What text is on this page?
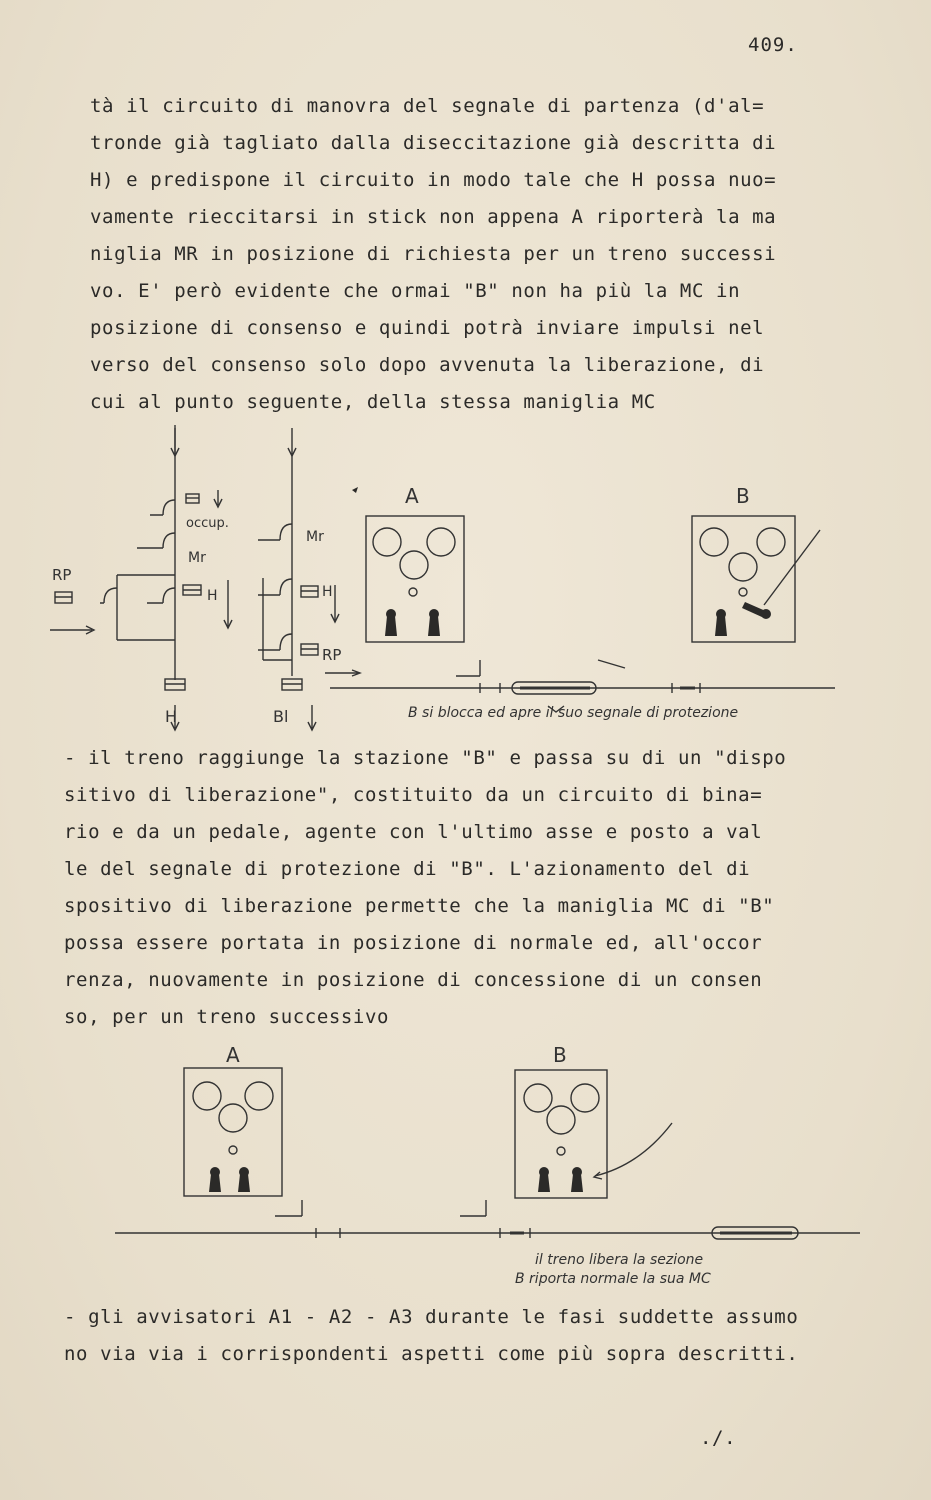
409.
tà il circuito di manovra del segnale di partenza (d'al=
tronde già tagliato dalla diseccitazione già descritta di
H) e predispone il circuito in modo tale che H possa nuo=
vamente rieccitarsi in stick non appena A riporterà la ma
niglia MR in posizione di richiesta per un treno successi
vo. E' però evidente che ormai "B" non ha più la MC in
posizione di consenso e quindi potrà inviare impulsi nel
verso del consenso solo dopo avvenuta la liberazione, di
cui al punto seguente, della stessa maniglia MC
occup.
Mr
H
RP
H
Mr
H
RP
Bl
A	B
B si blocca ed apre il suo segnale di protezione
- il treno raggiunge la stazione "B" e passa su di un "dispo
sitivo di liberazione", costituito da un circuito di bina=
rio e da un pedale, agente con l'ultimo asse e posto a val
le del segnale di protezione di "B". L'azionamento del di
spositivo di liberazione permette che la maniglia MC di "B"
possa essere portata in posizione di normale ed, all'occor
renza, nuovamente in posizione di concessione di un consen
so, per un treno successivo
A	B
il treno libera la sezione
B riporta normale la sua MC
- gli avvisatori A1 - A2 - A3 durante le fasi suddette assumo
no via via i corrispondenti aspetti come più sopra descritti.
./.
